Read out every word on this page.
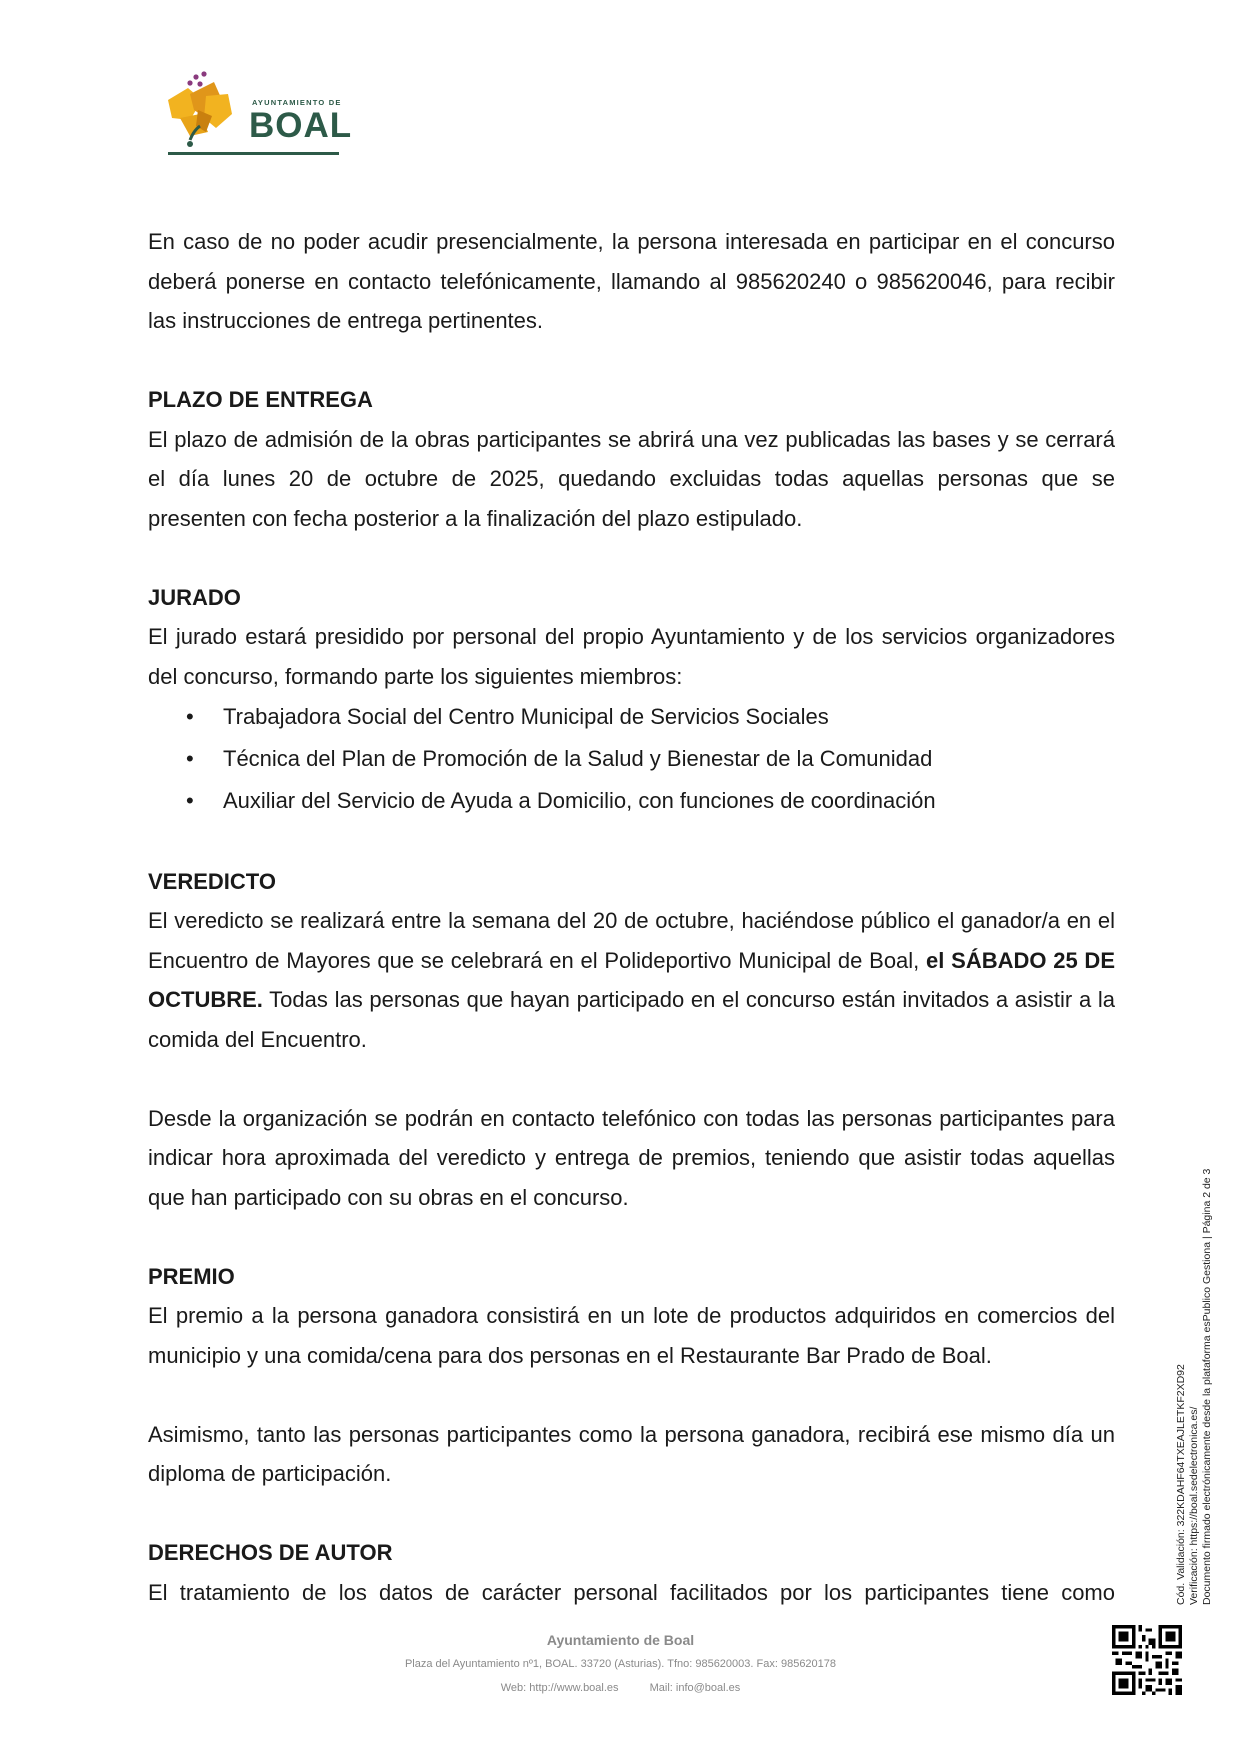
AYUNTAMIENTO DE
BOAL

En caso de no poder acudir presencialmente, la persona interesada en participar en el concurso deberá ponerse en contacto telefónicamente, llamando al 985620240 o 985620046, para recibir las instrucciones de entrega pertinentes.

PLAZO DE ENTREGA

El plazo de admisión de la obras participantes se abrirá una vez publicadas las bases y se cerrará el día lunes 20 de octubre de 2025, quedando excluidas todas aquellas personas que se presenten con fecha posterior a la finalización del plazo estipulado.

JURADO

El jurado estará presidido por personal del propio Ayuntamiento y de los servicios organizadores del concurso, formando parte los siguientes miembros:

• Trabajadora Social del Centro Municipal de Servicios Sociales
• Técnica del Plan de Promoción de la Salud y Bienestar de la Comunidad
• Auxiliar del Servicio de Ayuda a Domicilio, con funciones de coordinación

VEREDICTO

El veredicto se realizará entre la semana del 20 de octubre, haciéndose público el ganador/a en el Encuentro de Mayores que se celebrará en el Polideportivo Municipal de Boal, el SÁBADO 25 DE OCTUBRE. Todas las personas que hayan participado en el concurso están invitados a asistir a la comida del Encuentro.

Desde la organización se podrán en contacto telefónico con todas las personas participantes para indicar hora aproximada del veredicto y entrega de premios, teniendo que asistir todas aquellas que han participado con su obras en el concurso.

PREMIO

El premio a la persona ganadora consistirá en un lote de productos adquiridos en comercios del municipio y una comida/cena para dos personas en el Restaurante Bar Prado de Boal.

Asimismo, tanto las personas participantes como la persona ganadora, recibirá ese mismo día un diploma de participación.

DERECHOS DE AUTOR

El tratamiento de los datos de carácter personal facilitados por los participantes tiene como

Ayuntamiento de Boal
Plaza del Ayuntamiento nº1, BOAL. 33720 (Asturias). Tfno: 985620003. Fax: 985620178
Web: http://www.boal.es	Mail: info@boal.es
Cód. Validación: 322KDAHF64TXEAJLETKF2XD92 Verificación: https://boal.sedelectronica.es/ Documento firmado electrónicamente desde la plataforma esPublico Gestiona | Página 2 de 3
